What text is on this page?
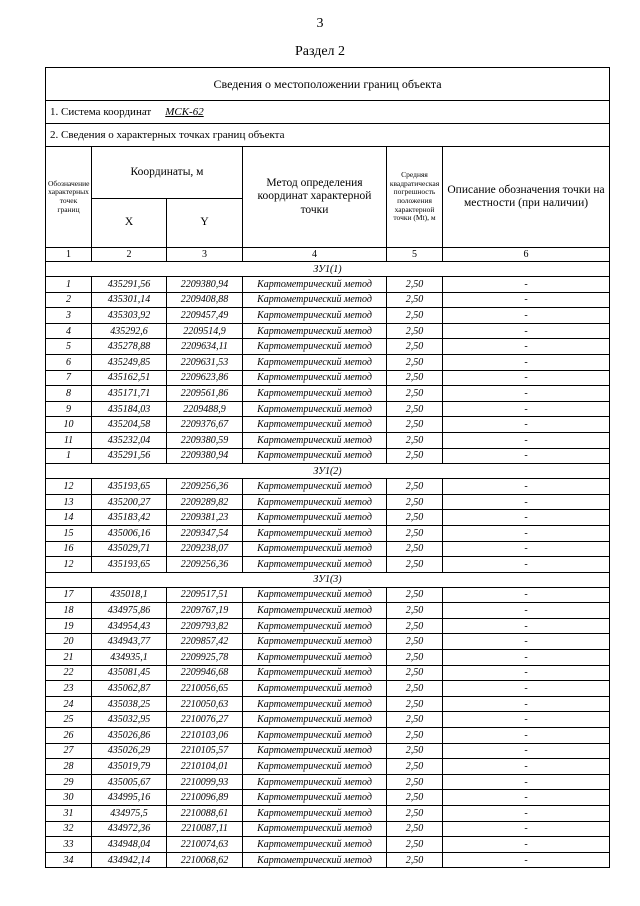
3
Раздел 2
Сведения о местоположении границ объекта					
1. Система координат МСК-62					
2. Сведения о характерных точках границ объекта					
Обозначение характерных точек границ	Координаты, м		Метод определения координат характерной точки	Средняя квадратическая погрешность положения характерной точки (Mt), м	Описание обозначения точки на местности (при наличии)
	X	Y			
1	2	3	4	5	6
ЗУ1(1)					
1	435291,56	2209380,94	Картометрический метод	2,50	-
2	435301,14	2209408,88	Картометрический метод	2,50	-
3	435303,92	2209457,49	Картометрический метод	2,50	-
4	435292,6	2209514,9	Картометрический метод	2,50	-
5	435278,88	2209634,11	Картометрический метод	2,50	-
6	435249,85	2209631,53	Картометрический метод	2,50	-
7	435162,51	2209623,86	Картометрический метод	2,50	-
8	435171,71	2209561,86	Картометрический метод	2,50	-
9	435184,03	2209488,9	Картометрический метод	2,50	-
10	435204,58	2209376,67	Картометрический метод	2,50	-
11	435232,04	2209380,59	Картометрический метод	2,50	-
1	435291,56	2209380,94	Картометрический метод	2,50	-
ЗУ1(2)					
12	435193,65	2209256,36	Картометрический метод	2,50	-
13	435200,27	2209289,82	Картометрический метод	2,50	-
14	435183,42	2209381,23	Картометрический метод	2,50	-
15	435006,16	2209347,54	Картометрический метод	2,50	-
16	435029,71	2209238,07	Картометрический метод	2,50	-
12	435193,65	2209256,36	Картометрический метод	2,50	-
ЗУ1(3)					
17	435018,1	2209517,51	Картометрический метод	2,50	-
18	434975,86	2209767,19	Картометрический метод	2,50	-
19	434954,43	2209793,82	Картометрический метод	2,50	-
20	434943,77	2209857,42	Картометрический метод	2,50	-
21	434935,1	2209925,78	Картометрический метод	2,50	-
22	435081,45	2209946,68	Картометрический метод	2,50	-
23	435062,87	2210056,65	Картометрический метод	2,50	-
24	435038,25	2210050,63	Картометрический метод	2,50	-
25	435032,95	2210076,27	Картометрический метод	2,50	-
26	435026,86	2210103,06	Картометрический метод	2,50	-
27	435026,29	2210105,57	Картометрический метод	2,50	-
28	435019,79	2210104,01	Картометрический метод	2,50	-
29	435005,67	2210099,93	Картометрический метод	2,50	-
30	434995,16	2210096,89	Картометрический метод	2,50	-
31	434975,5	2210088,61	Картометрический метод	2,50	-
32	434972,36	2210087,11	Картометрический метод	2,50	-
33	434948,04	2210074,63	Картометрический метод	2,50	-
34	434942,14	2210068,62	Картометрический метод	2,50	-
